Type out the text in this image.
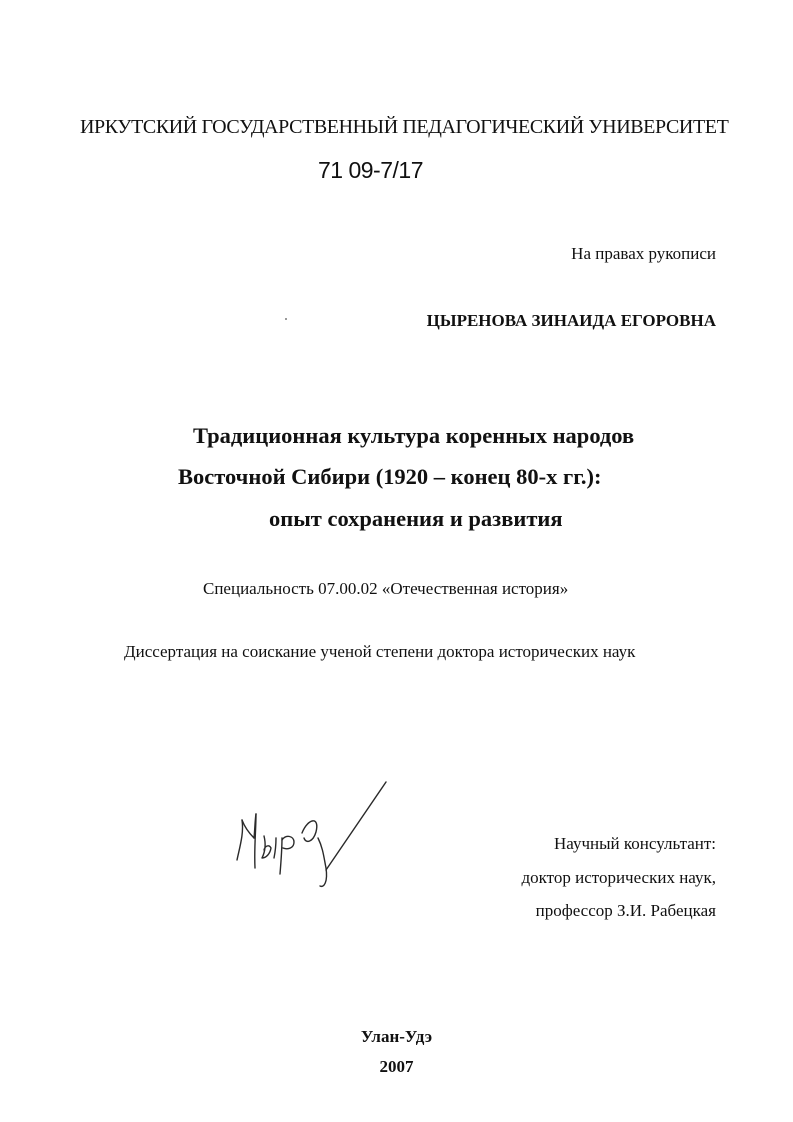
ИРКУТСКИЙ ГОСУДАРСТВЕННЫЙ ПЕДАГОГИЧЕСКИЙ УНИВЕРСИТЕТ
71 09-7/17
На правах рукописи
ЦЫРЕНОВА ЗИНАИДА ЕГОРОВНА
Традиционная культура коренных народов
Восточной Сибири (1920 – конец 80-х гг.):
опыт сохранения и развития
Специальность 07.00.02 «Отечественная история»
Диссертация на соискание ученой степени доктора исторических наук
Научный консультант:
доктор исторических наук,
профессор З.И. Рабецкая
Улан-Удэ
2007
